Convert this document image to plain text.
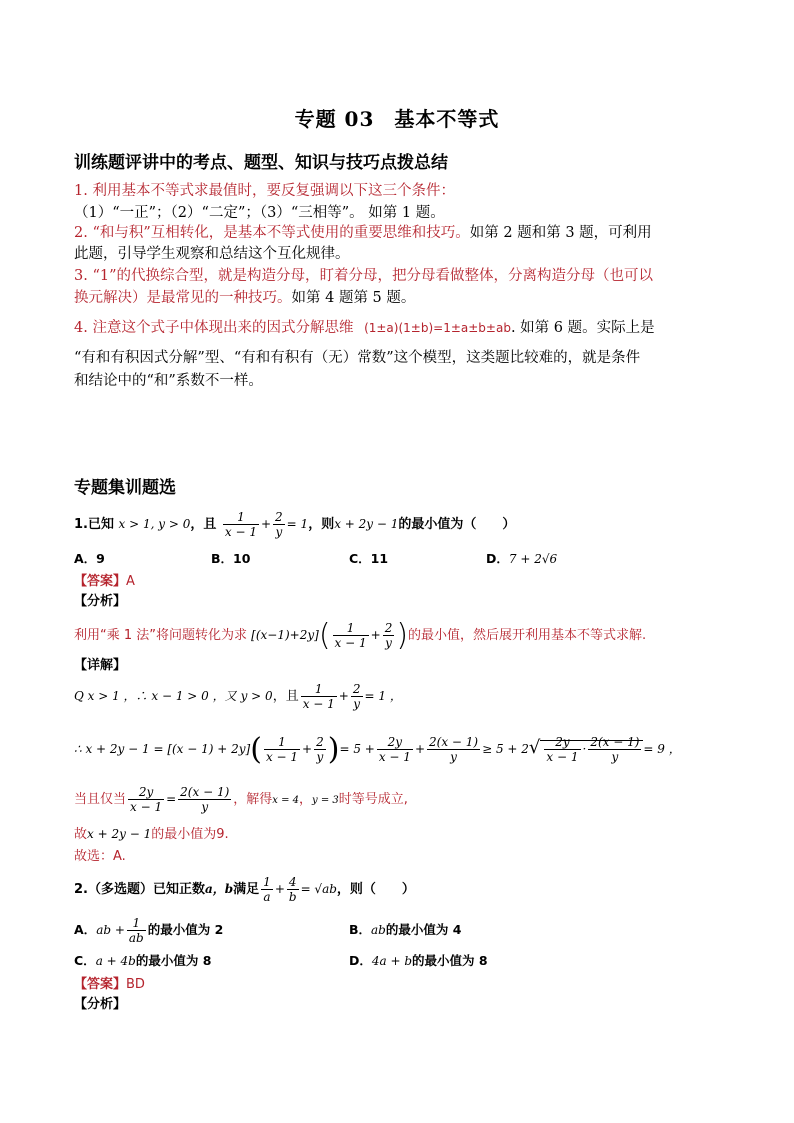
专题 03 基本不等式
训练题评讲中的考点、题型、知识与技巧点拨总结
1. 利用基本不等式求最值时，要反复强调以下这三个条件：
（1）“一正”；（2）“二定”；（3）“三相等”。 如第 1 题。
2. “和与积”互相转化，是基本不等式使用的重要思维和技巧。如第 2 题和第 3 题，可利用
此题，引导学生观察和总结这个互化规律。
3. “1”的代换综合型，就是构造分母，盯着分母，把分母看做整体，分离构造分母（也可以
换元解决）是最常见的一种技巧。如第 4 题第 5 题。
4. 注意这个式子中体现出来的因式分解思维 (1±a)(1±b)=1±a±b±ab. 如第 6 题。实际上是
“有和有积因式分解”型、“有和有积有（无）常数”这个模型，这类题比较难的，就是条件
和结论中的“和”系数不一样。
专题集训题选
1.已知 x > 1, y > 0，且 $\frac{1}{x - 1} + \frac{2}{y} = 1$，则x + 2y − 1的最小值为（　　）
A．9	B．10	C．11	D．7 + 2√6
【答案】A
【分析】
利用“乘 1 法”将问题转化为求 $[(x-1)+2y]( \frac{1}{x - 1} + \frac{2}{y}$ )的最小值，然后展开利用基本不等式求解.
【详解】
Q x > 1 ，∴ x − 1 > 0 ，又 y > 0，且 $\frac{1}{x - 1} + \frac{2}{y} = 1$ ，
∴ $x + 2y - 1 = [(x - 1) + 2y]( \frac{1}{x - 1} + \frac{2}{y}$ )= $5 + \frac{2y}{x - 1} + \frac{2(x - 1)}{y} \ge 5 + 2√ \frac{2y}{x - 1} \cdot \frac{2(x - 1)}{y} = 9$ ，
当且仅当 $\frac{2y}{x - 1} = \frac{2(x - 1)}{y}$ ，解得x = 4，y = 3时等号成立,
故x + 2y − 1的最小值为9.
故选：A.
2.（多选题）已知正数a，b满足 $\frac{1}{a} + \frac{4}{b} = √ab$，则（　　）
A．ab + $\frac{1}{ab}$ 的最小值为 2	B．ab的最小值为 4
C．a + 4b的最小值为 8	D．4a + b的最小值为 8
【答案】BD
【分析】
